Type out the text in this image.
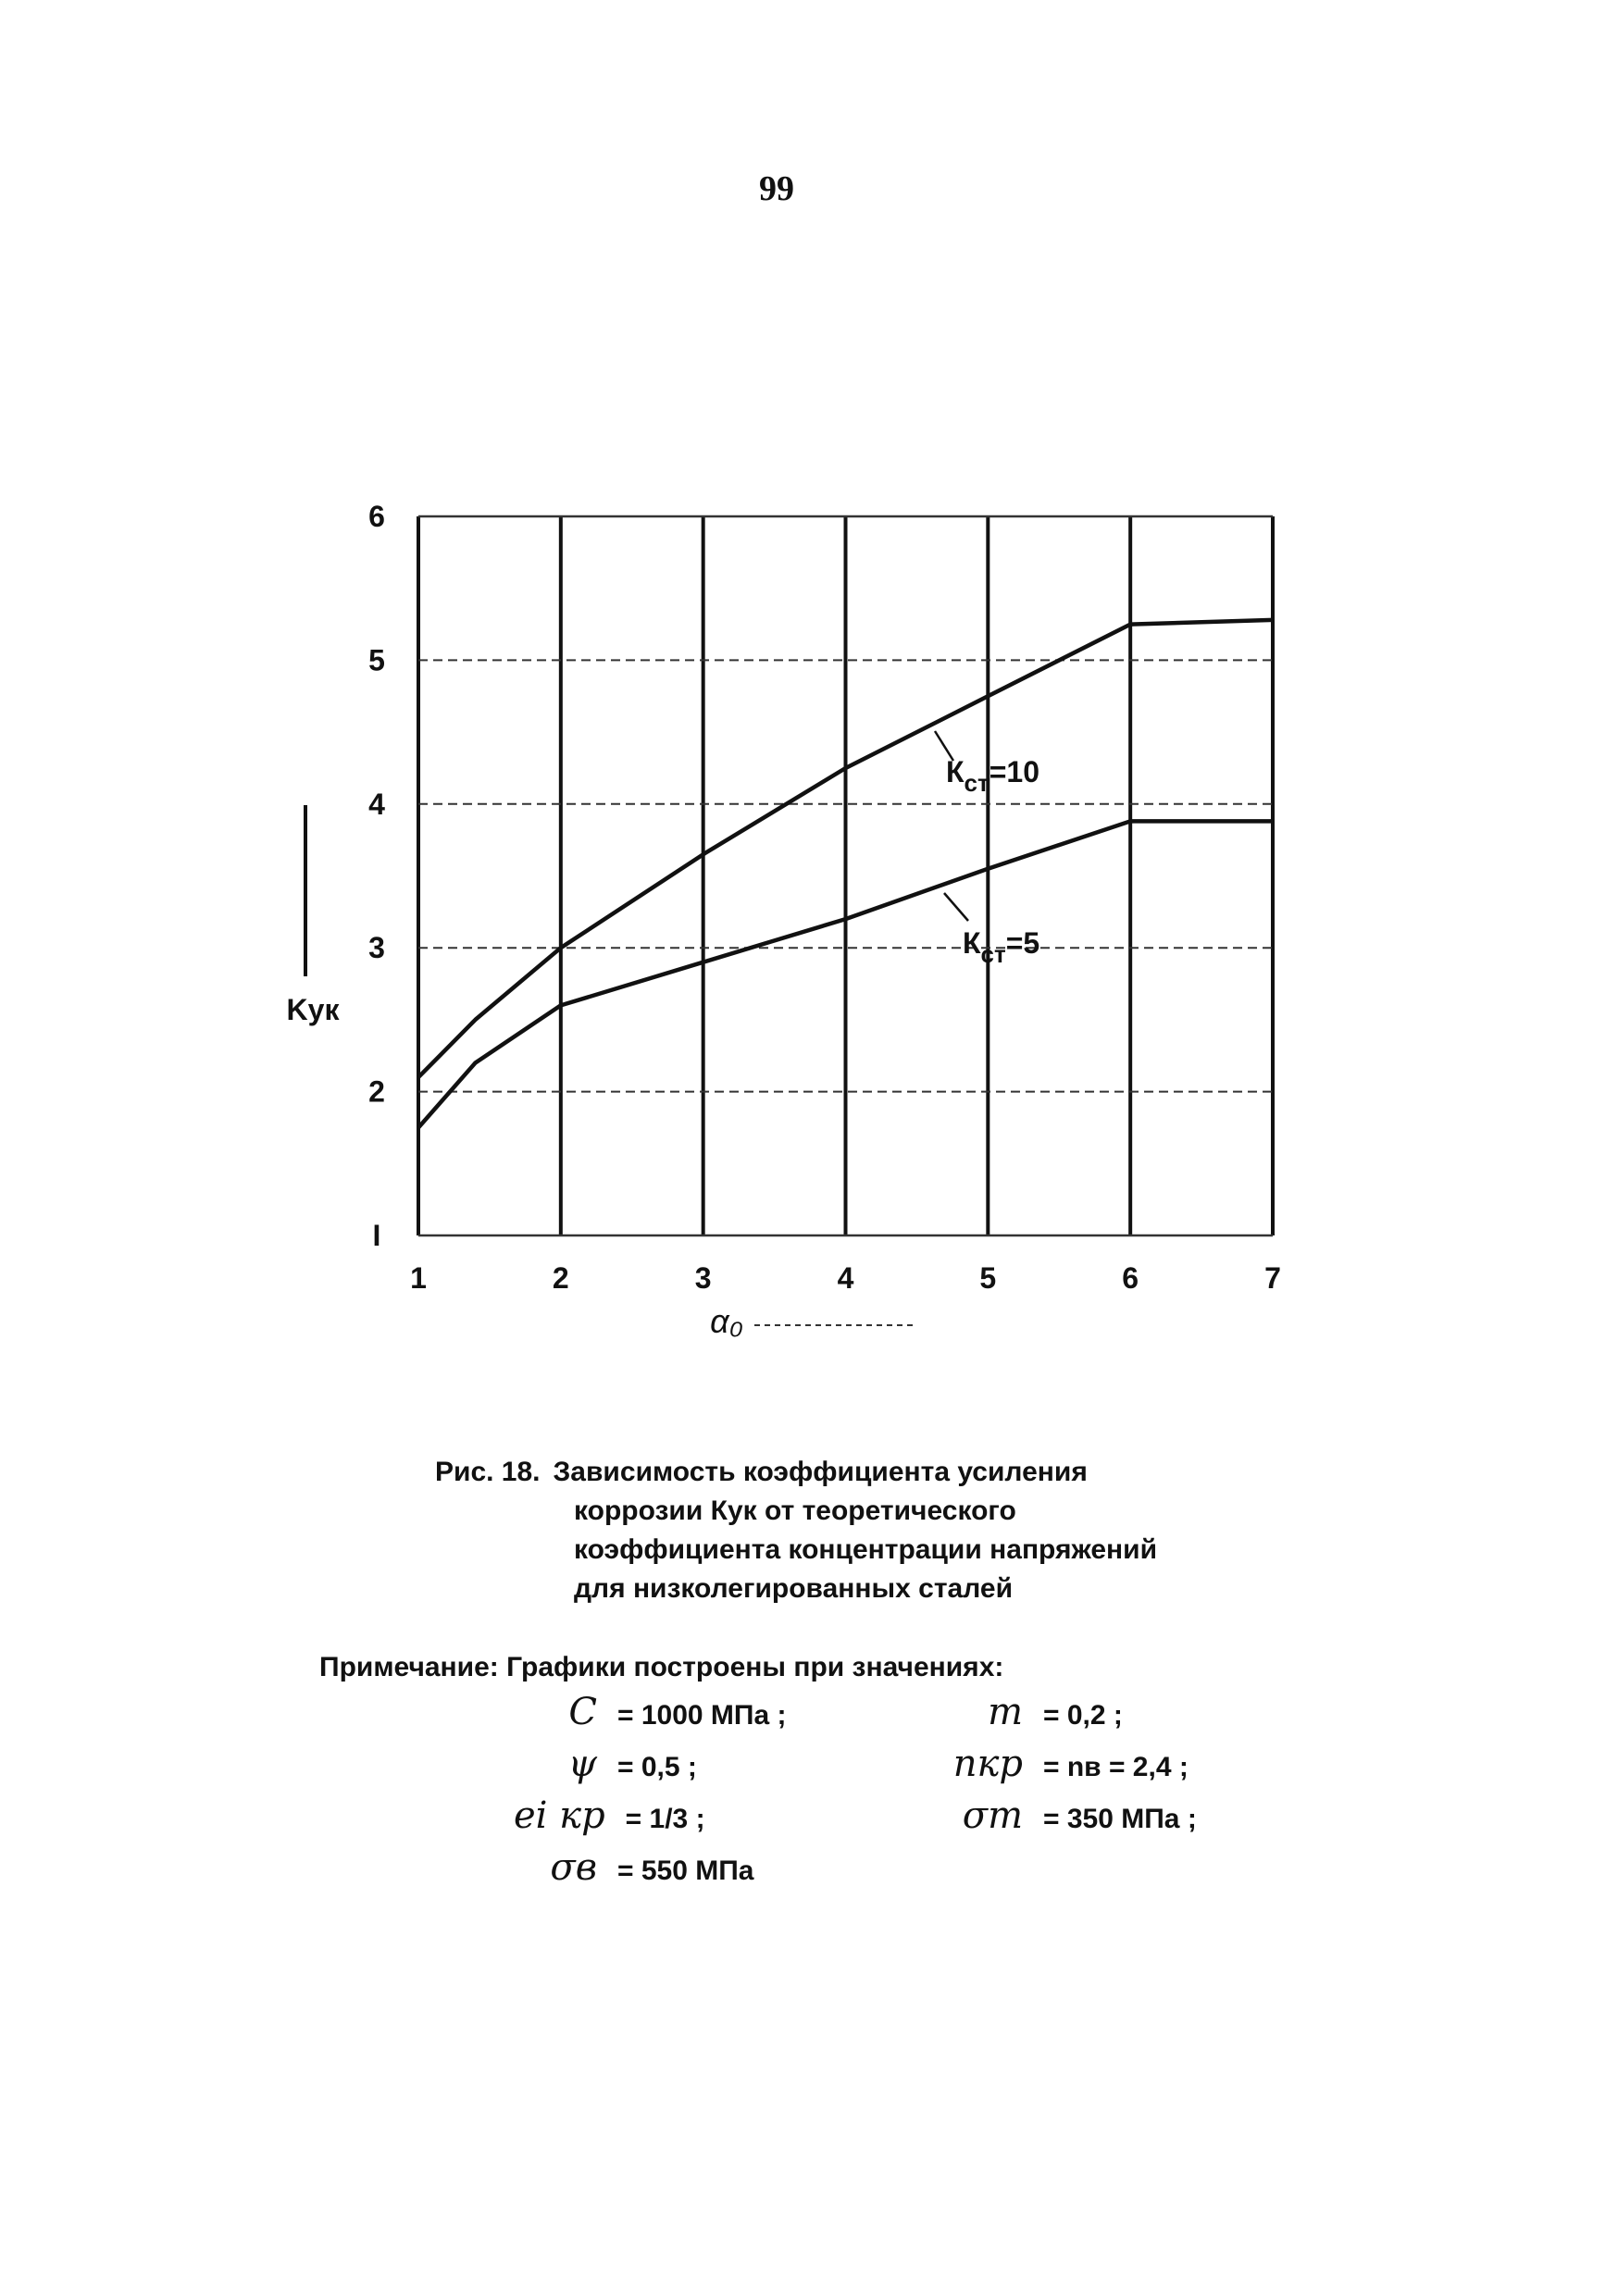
99
1	2	3	4	5	6	7
I
2
3
4
5
6
Kук
α₀
$К_{ст}=10$
$К_{ст}=5$
Рис. 18. Зависимость коэффициента усиления
коррозии Кук от теоретического
коэффициента концентрации напряжений
для низколегированных сталей
Примечание: Графики построены при значениях:
C = 1000 МПа ;	m = 0,2 ;
ψ = 0,5 ;	nкр = nв = 2,4 ;
ei кр = 1/3 ;	σт = 350 МПа ;
σв = 550 МПа
